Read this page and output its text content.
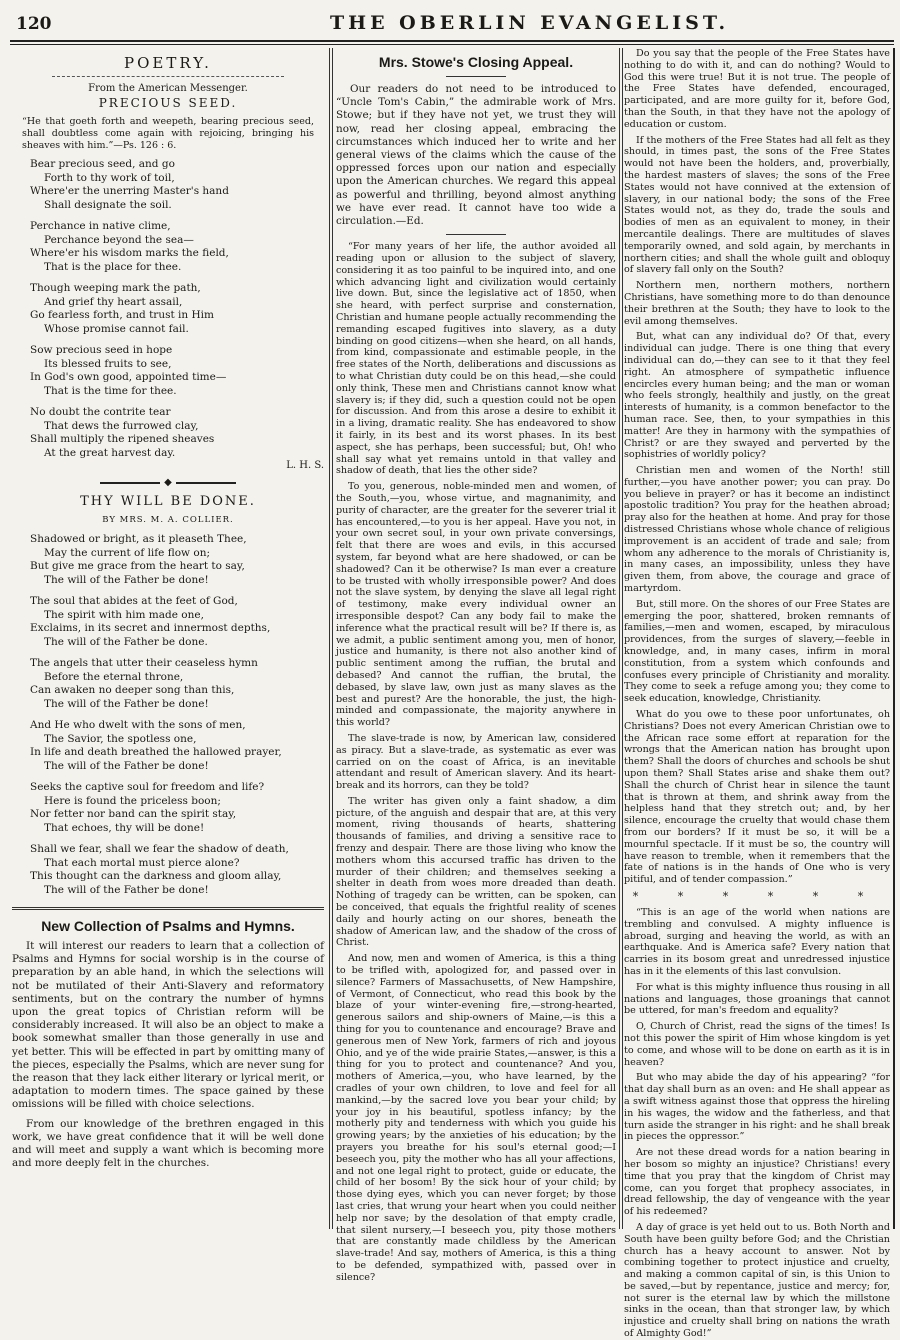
120	THE OBERLIN EVANGELIST.
POETRY.
From the American Messenger.
PRECIOUS SEED.
“He that goeth forth and weepeth, bearing precious seed, shall doubtless come again with rejoicing, bringing his sheaves with him.”—Ps. 126 : 6.
Bear precious seed, and go
Forth to thy work of toil,
Where'er the unerring Master's hand
Shall designate the soil.
Perchance in native clime,
Perchance beyond the sea—
Where'er his wisdom marks the field,
That is the place for thee.
Though weeping mark the path,
And grief thy heart assail,
Go fearless forth, and trust in Him
Whose promise cannot fail.
Sow precious seed in hope
Its blessed fruits to see,
In God's own good, appointed time—
That is the time for thee.
No doubt the contrite tear
That dews the furrowed clay,
Shall multiply the ripened sheaves
At the great harvest day.
L. H. S.
◆
THY WILL BE DONE.
BY MRS. M. A. COLLIER.
Shadowed or bright, as it pleaseth Thee,
May the current of life flow on;
But give me grace from the heart to say,
The will of the Father be done!
The soul that abides at the feet of God,
The spirit with him made one,
Exclaims, in its secret and innermost depths,
The will of the Father be done.
The angels that utter their ceaseless hymn
Before the eternal throne,
Can awaken no deeper song than this,
The will of the Father be done!
And He who dwelt with the sons of men,
The Savior, the spotless one,
In life and death breathed the hallowed prayer,
The will of the Father be done!
Seeks the captive soul for freedom and life?
Here is found the priceless boon;
Nor fetter nor band can the spirit stay,
That echoes, thy will be done!
Shall we fear, shall we fear the shadow of death,
That each mortal must pierce alone?
This thought can the darkness and gloom allay,
The will of the Father be done!
New Collection of Psalms and Hymns.

It will interest our readers to learn that a collection of Psalms and Hymns for social worship is in the course of preparation by an able hand, in which the selections will not be mutilated of their Anti-Slavery and reformatory sentiments, but on the contrary the number of hymns upon the great topics of Christian reform will be considerably increased. It will also be an object to make a book somewhat smaller than those generally in use and yet better. This will be effected in part by omitting many of the pieces, especially the Psalms, which are never sung for the reason that they lack either literary or lyrical merit, or adaptation to modern times. The space gained by these omissions will be filled with choice selections.

From our knowledge of the brethren engaged in this work, we have great confidence that it will be well done and will meet and supply a want which is becoming more and more deeply felt in the churches.

Mrs. Stowe's Closing Appeal.

Our readers do not need to be introduced to “Uncle Tom's Cabin,” the admirable work of Mrs. Stowe; but if they have not yet, we trust they will now, read her closing appeal, embracing the circumstances which induced her to write and her general views of the claims which the cause of the oppressed forces upon our nation and especially upon the American churches. We regard this appeal as powerful and thrilling, beyond almost anything we have ever read. It cannot have too wide a circulation.—Ed.

“For many years of her life, the author avoided all reading upon or allusion to the subject of slavery, considering it as too painful to be inquired into, and one which advancing light and civilization would certainly live down. But, since the legislative act of 1850, when she heard, with perfect surprise and consternation, Christian and humane people actually recommending the remanding escaped fugitives into slavery, as a duty binding on good citizens—when she heard, on all hands, from kind, compassionate and estimable people, in the free states of the North, deliberations and discussions as to what Christian duty could be on this head,—she could only think, These men and Christians cannot know what slavery is; if they did, such a question could not be open for discussion. And from this arose a desire to exhibit it in a living, dramatic reality. She has endeavored to show it fairly, in its best and its worst phases. In its best aspect, she has perhaps, been successful; but, Oh! who shall say what yet remains untold in that valley and shadow of death, that lies the other side?

To you, generous, noble-minded men and women, of the South,—you, whose virtue, and magnanimity, and purity of character, are the greater for the severer trial it has encountered,—to you is her appeal. Have you not, in your own secret soul, in your own private conversings, felt that there are woes and evils, in this accursed system, far beyond what are here shadowed, or can be shadowed? Can it be otherwise? Is man ever a creature to be trusted with wholly irresponsible power? And does not the slave system, by denying the slave all legal right of testimony, make every individual owner an irresponsible despot? Can any body fail to make the inference what the practical result will be? If there is, as we admit, a public sentiment among you, men of honor, justice and humanity, is there not also another kind of public sentiment among the ruffian, the brutal and debased? And cannot the ruffian, the brutal, the debased, by slave law, own just as many slaves as the best and purest? Are the honorable, the just, the high-minded and compassionate, the majority anywhere in this world?

The slave-trade is now, by American law, considered as piracy. But a slave-trade, as systematic as ever was carried on on the coast of Africa, is an inevitable attendant and result of American slavery. And its heart-break and its horrors, can they be told?

The writer has given only a faint shadow, a dim picture, of the anguish and despair that are, at this very moment, riving thousands of hearts, shattering thousands of families, and driving a sensitive race to frenzy and despair. There are those living who know the mothers whom this accursed traffic has driven to the murder of their children; and themselves seeking a shelter in death from woes more dreaded than death. Nothing of tragedy can be written, can be spoken, can be conceived, that equals the frightful reality of scenes daily and hourly acting on our shores, beneath the shadow of American law, and the shadow of the cross of Christ.

And now, men and women of America, is this a thing to be trifled with, apologized for, and passed over in silence? Farmers of Massachusetts, of New Hampshire, of Vermont, of Connecticut, who read this book by the blaze of your winter-evening fire,—strong-hearted, generous sailors and ship-owners of Maine,—is this a thing for you to countenance and encourage? Brave and generous men of New York, farmers of rich and joyous Ohio, and ye of the wide prairie States,—answer, is this a thing for you to protect and countenance? And you, mothers of America,—you, who have learned, by the cradles of your own children, to love and feel for all mankind,—by the sacred love you bear your child; by your joy in his beautiful, spotless infancy; by the motherly pity and tenderness with which you guide his growing years; by the anxieties of his education; by the prayers you breathe for his soul's eternal good;—I beseech you, pity the mother who has all your affections, and not one legal right to protect, guide or educate, the child of her bosom! By the sick hour of your child; by those dying eyes, which you can never forget; by those last cries, that wrung your heart when you could neither help nor save; by the desolation of that empty cradle, that silent nursery,—I beseech you, pity those mothers that are constantly made childless by the American slave-trade! And say, mothers of America, is this a thing to be defended, sympathized with, passed over in silence?

Do you say that the people of the Free States have nothing to do with it, and can do nothing? Would to God this were true! But it is not true. The people of the Free States have defended, encouraged, participated, and are more guilty for it, before God, than the South, in that they have not the apology of education or custom.

If the mothers of the Free States had all felt as they should, in times past, the sons of the Free States would not have been the holders, and, proverbially, the hardest masters of slaves; the sons of the Free States would not have connived at the extension of slavery, in our national body; the sons of the Free States would not, as they do, trade the souls and bodies of men as an equivalent to money, in their mercantile dealings. There are multitudes of slaves temporarily owned, and sold again, by merchants in northern cities; and shall the whole guilt and obloquy of slavery fall only on the South?

Northern men, northern mothers, northern Christians, have something more to do than denounce their brethren at the South; they have to look to the evil among themselves.

But, what can any individual do? Of that, every individual can judge. There is one thing that every individual can do,—they can see to it that they feel right. An atmosphere of sympathetic influence encircles every human being; and the man or woman who feels strongly, healthily and justly, on the great interests of humanity, is a common benefactor to the human race. See, then, to your sympathies in this matter! Are they in harmony with the sympathies of Christ? or are they swayed and perverted by the sophistries of worldly policy?

Christian men and women of the North! still further,—you have another power; you can pray. Do you believe in prayer? or has it become an indistinct apostolic tradition? You pray for the heathen abroad; pray also for the heathen at home. And pray for those distressed Christians whose whole chance of religious improvement is an accident of trade and sale; from whom any adherence to the morals of Christianity is, in many cases, an impossibility, unless they have given them, from above, the courage and grace of martyrdom.

But, still more. On the shores of our Free States are emerging the poor, shattered, broken remnants of families,—men and women, escaped, by miraculous providences, from the surges of slavery,—feeble in knowledge, and, in many cases, infirm in moral constitution, from a system which confounds and confuses every principle of Christianity and morality. They come to seek a refuge among you; they come to seek education, knowledge, Christianity.

What do you owe to these poor unfortunates, oh Christians? Does not every American Christian owe to the African race some effort at reparation for the wrongs that the American nation has brought upon them? Shall the doors of churches and schools be shut upon them? Shall States arise and shake them out? Shall the church of Christ hear in silence the taunt that is thrown at them, and shrink away from the helpless hand that they stretch out; and, by her silence, encourage the cruelty that would chase them from our borders? If it must be so, it will be a mournful spectacle. If it must be so, the country will have reason to tremble, when it remembers that the fate of nations is in the hands of One who is very pitiful, and of tender compassion.”

* * * * * *

“This is an age of the world when nations are trembling and convulsed. A mighty influence is abroad, surging and heaving the world, as with an earthquake. And is America safe? Every nation that carries in its bosom great and unredressed injustice has in it the elements of this last convulsion.

For what is this mighty influence thus rousing in all nations and languages, those groanings that cannot be uttered, for man's freedom and equality?

O, Church of Christ, read the signs of the times! Is not this power the spirit of Him whose kingdom is yet to come, and whose will to be done on earth as it is in heaven?

But who may abide the day of his appearing? “for that day shall burn as an oven: and He shall appear as a swift witness against those that oppress the hireling in his wages, the widow and the fatherless, and that turn aside the stranger in his right: and he shall break in pieces the oppressor.”

Are not these dread words for a nation bearing in her bosom so mighty an injustice? Christians! every time that you pray that the kingdom of Christ may come, can you forget that prophecy associates, in dread fellowship, the day of vengeance with the year of his redeemed?

A day of grace is yet held out to us. Both North and South have been guilty before God; and the Christian church has a heavy account to answer. Not by combining together to protect injustice and cruelty, and making a common capital of sin, is this Union to be saved,—but by repentance, justice and mercy; for, not surer is the eternal law by which the millstone sinks in the ocean, than that stronger law, by which injustice and cruelty shall bring on nations the wrath of Almighty God!”
